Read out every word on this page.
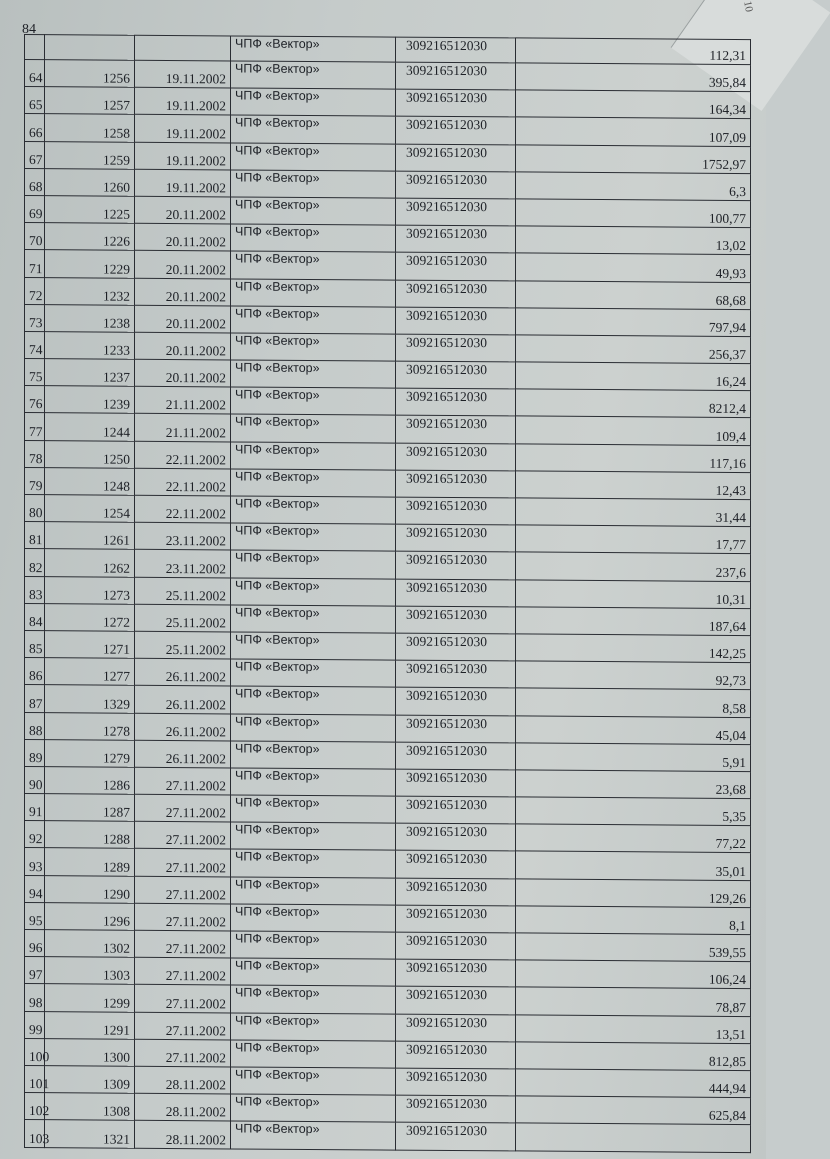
10
84
			ЧПФ «Вектор»	309216512030	112,31
64	1256	19.11.2002	ЧПФ «Вектор»	309216512030	395,84
65	1257	19.11.2002	ЧПФ «Вектор»	309216512030	164,34
66	1258	19.11.2002	ЧПФ «Вектор»	309216512030	107,09
67	1259	19.11.2002	ЧПФ «Вектор»	309216512030	1752,97
68	1260	19.11.2002	ЧПФ «Вектор»	309216512030	6,3
69	1225	20.11.2002	ЧПФ «Вектор»	309216512030	100,77
70	1226	20.11.2002	ЧПФ «Вектор»	309216512030	13,02
71	1229	20.11.2002	ЧПФ «Вектор»	309216512030	49,93
72	1232	20.11.2002	ЧПФ «Вектор»	309216512030	68,68
73	1238	20.11.2002	ЧПФ «Вектор»	309216512030	797,94
74	1233	20.11.2002	ЧПФ «Вектор»	309216512030	256,37
75	1237	20.11.2002	ЧПФ «Вектор»	309216512030	16,24
76	1239	21.11.2002	ЧПФ «Вектор»	309216512030	8212,4
77	1244	21.11.2002	ЧПФ «Вектор»	309216512030	109,4
78	1250	22.11.2002	ЧПФ «Вектор»	309216512030	117,16
79	1248	22.11.2002	ЧПФ «Вектор»	309216512030	12,43
80	1254	22.11.2002	ЧПФ «Вектор»	309216512030	31,44
81	1261	23.11.2002	ЧПФ «Вектор»	309216512030	17,77
82	1262	23.11.2002	ЧПФ «Вектор»	309216512030	237,6
83	1273	25.11.2002	ЧПФ «Вектор»	309216512030	10,31
84	1272	25.11.2002	ЧПФ «Вектор»	309216512030	187,64
85	1271	25.11.2002	ЧПФ «Вектор»	309216512030	142,25
86	1277	26.11.2002	ЧПФ «Вектор»	309216512030	92,73
87	1329	26.11.2002	ЧПФ «Вектор»	309216512030	8,58
88	1278	26.11.2002	ЧПФ «Вектор»	309216512030	45,04
89	1279	26.11.2002	ЧПФ «Вектор»	309216512030	5,91
90	1286	27.11.2002	ЧПФ «Вектор»	309216512030	23,68
91	1287	27.11.2002	ЧПФ «Вектор»	309216512030	5,35
92	1288	27.11.2002	ЧПФ «Вектор»	309216512030	77,22
93	1289	27.11.2002	ЧПФ «Вектор»	309216512030	35,01
94	1290	27.11.2002	ЧПФ «Вектор»	309216512030	129,26
95	1296	27.11.2002	ЧПФ «Вектор»	309216512030	8,1
96	1302	27.11.2002	ЧПФ «Вектор»	309216512030	539,55
97	1303	27.11.2002	ЧПФ «Вектор»	309216512030	106,24
98	1299	27.11.2002	ЧПФ «Вектор»	309216512030	78,87
99	1291	27.11.2002	ЧПФ «Вектор»	309216512030	13,51
100	1300	27.11.2002	ЧПФ «Вектор»	309216512030	812,85
101	1309	28.11.2002	ЧПФ «Вектор»	309216512030	444,94
102	1308	28.11.2002	ЧПФ «Вектор»	309216512030	625,84
103	1321	28.11.2002	ЧПФ «Вектор»	309216512030	
